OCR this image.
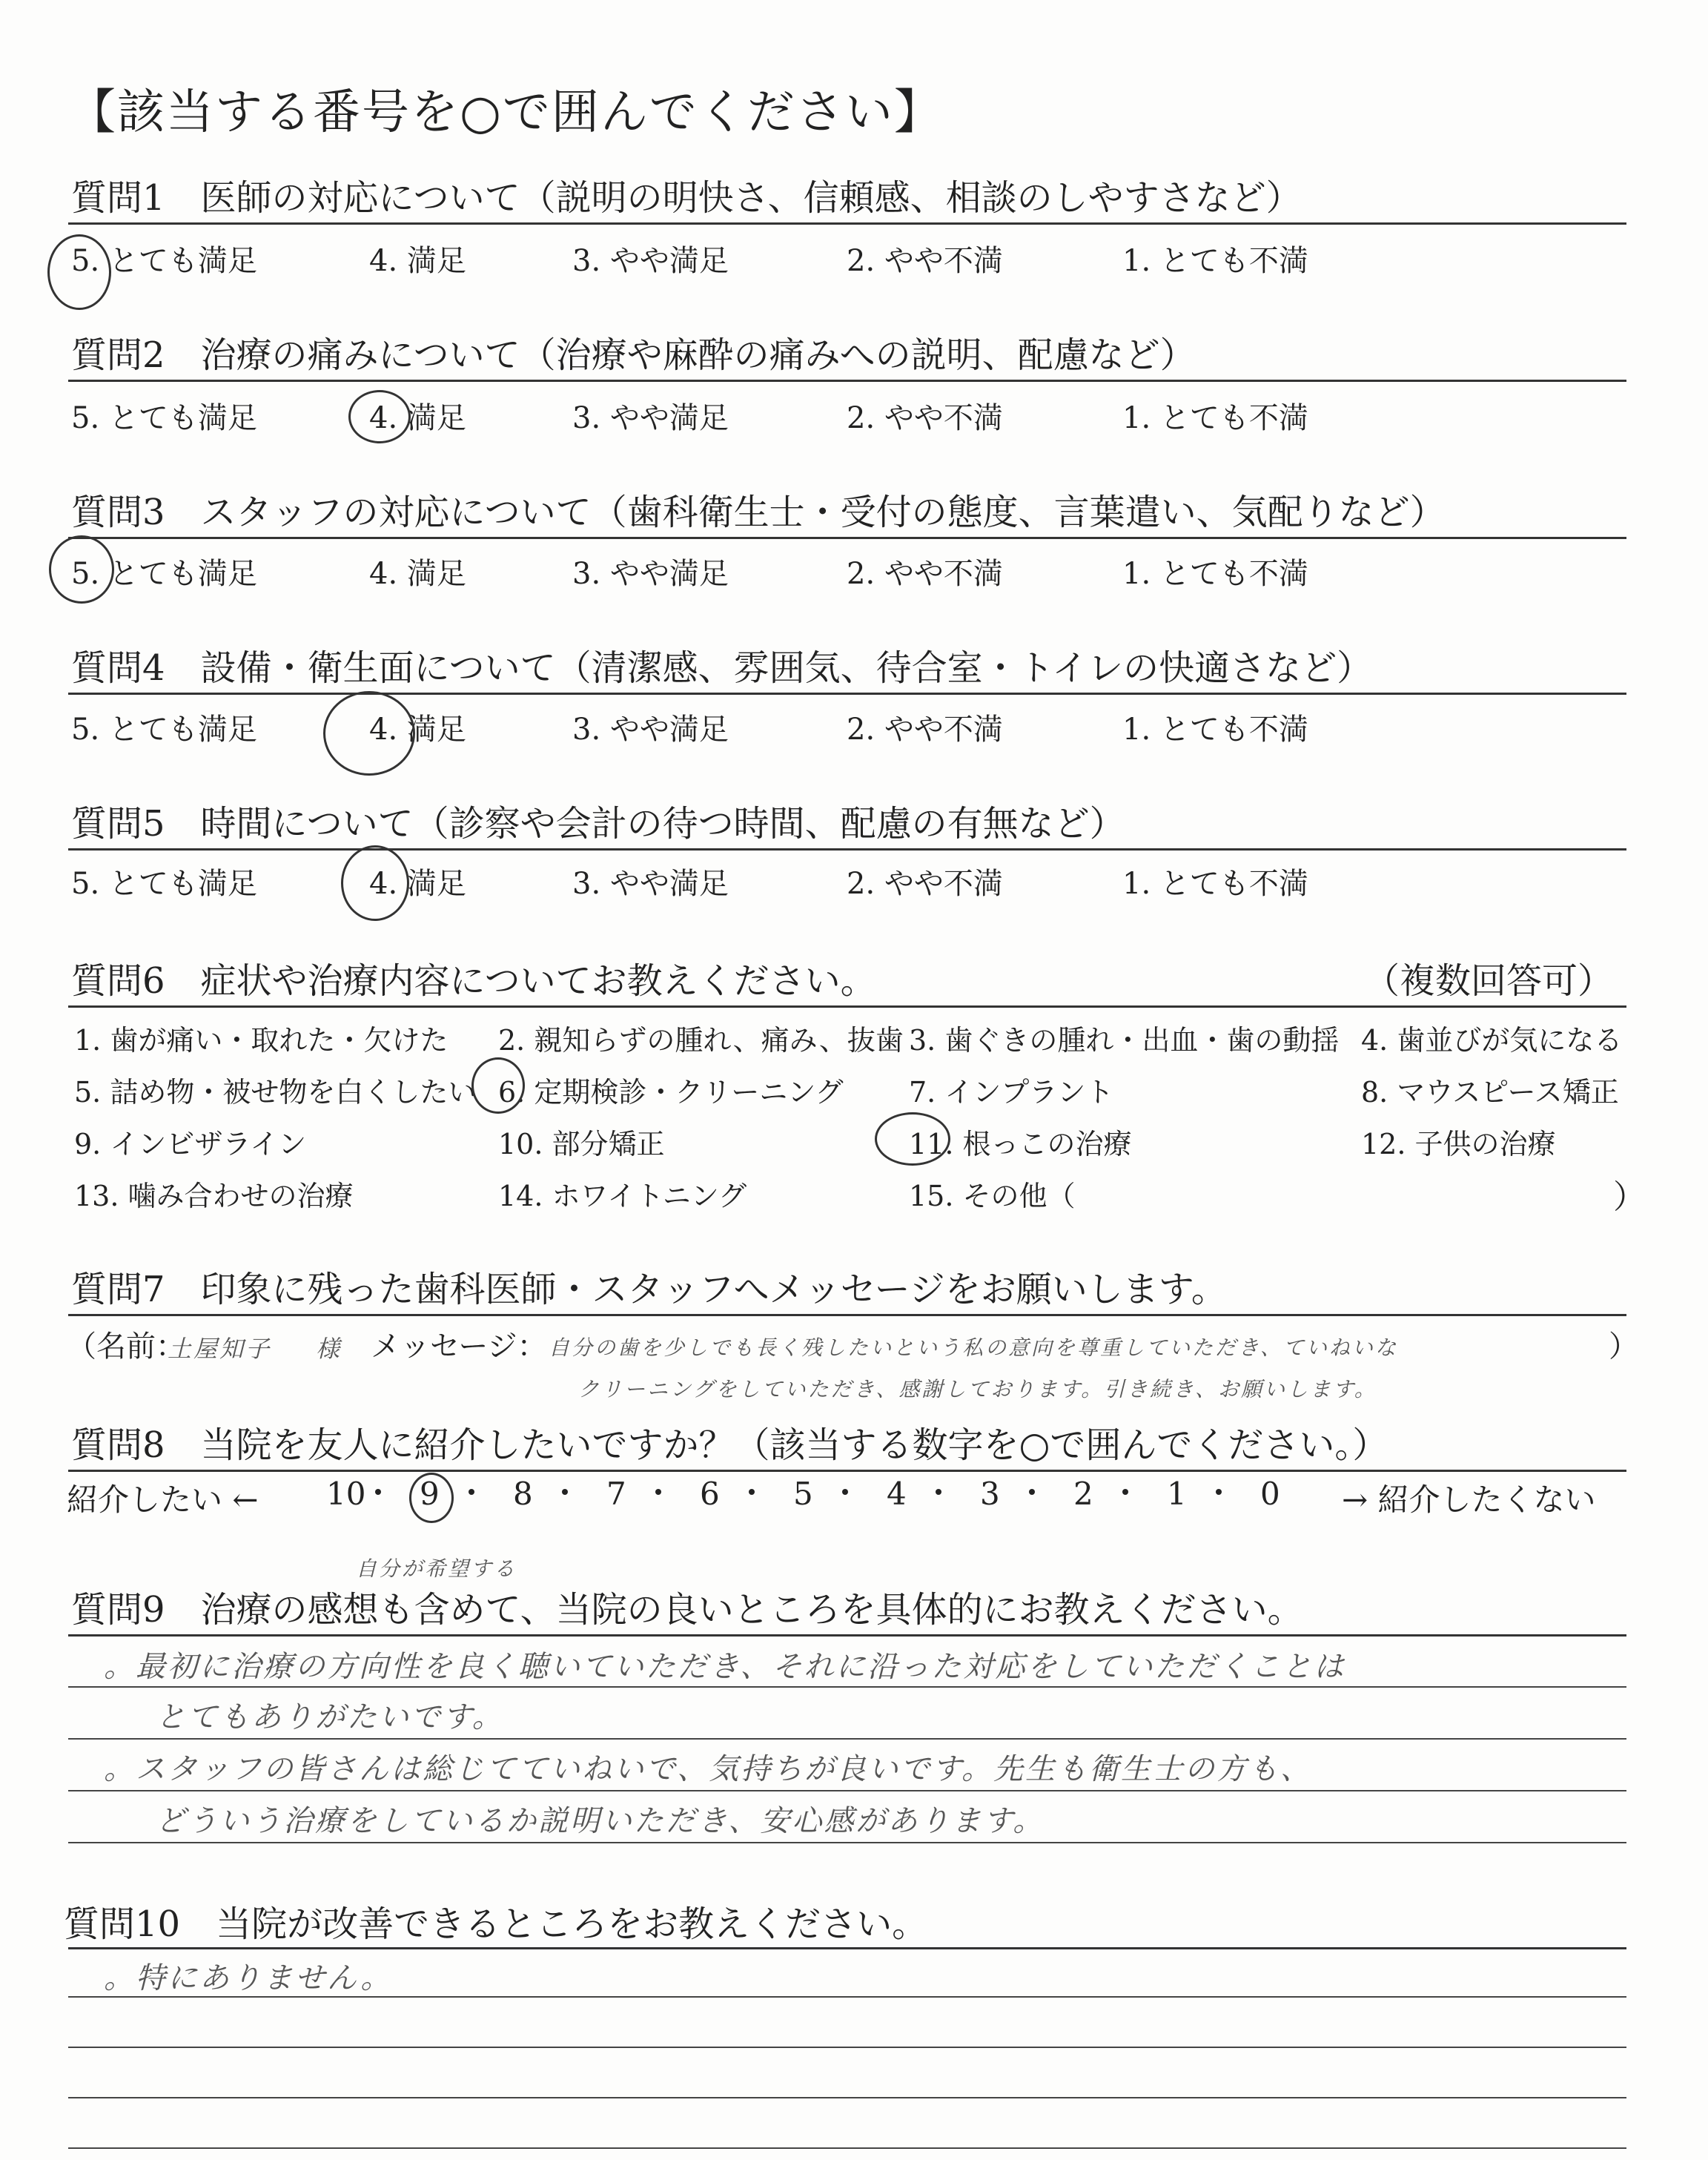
【該当する番号を○で囲んでください】
質問1　医師の対応について（説明の明快さ、信頼感、相談のしやすさなど）
5. とても満足	4. 満足	3. やや満足	2. やや不満	1. とても不満
質問2　治療の痛みについて（治療や麻酔の痛みへの説明、配慮など）
5. とても満足	4. 満足	3. やや満足	2. やや不満	1. とても不満
質問3　スタッフの対応について（歯科衛生士・受付の態度、言葉遣い、気配りなど）
5. とても満足	4. 満足	3. やや満足	2. やや不満	1. とても不満
質問4　設備・衛生面について（清潔感、雰囲気、待合室・トイレの快適さなど）
5. とても満足	4. 満足	3. やや満足	2. やや不満	1. とても不満
質問5　時間について（診察や会計の待つ時間、配慮の有無など）
5. とても満足	4. 満足	3. やや満足	2. やや不満	1. とても不満
質問6　症状や治療内容についてお教えください。	（複数回答可）
1. 歯が痛い・取れた・欠けた 2. 親知らずの腫れ、痛み、抜歯 3. 歯ぐきの腫れ・出血・歯の動揺 4. 歯並びが気になる
5. 詰め物・被せ物を白くしたい 6. 定期検診・クリーニング 7. インプラント	8. マウスピース矯正
9. インビザライン	10. 部分矯正	11. 根っこの治療	12. 子供の治療
13. 噛み合わせの治療	14. ホワイトニング	15. その他（	）
質問7　印象に残った歯科医師・スタッフへメッセージをお願いします。
（名前：
土屋知子 様 メッセージ： 自分の歯を少しでも長く残したいという私の意向を尊重していただき、ていねいな
クリーニングをしていただき、感謝しております。引き続き、お願いします。
）
質問8　当院を友人に紹介したいですか？（該当する数字を○で囲んでください。）
紹介したい ←	→ 紹介したくない
10 9 8 7 6 5 4 3 2 1 0
自分が希望する
質問9　治療の感想も含めて、当院の良いところを具体的にお教えください。
。最初に治療の方向性を良く聴いていただき、それに沿った対応をしていただくことは
とてもありがたいです。
。スタッフの皆さんは総じてていねいで、気持ちが良いです。先生も衛生士の方も、
どういう治療をしているか説明いただき、安心感があります。
質問10　当院が改善できるところをお教えください。
。特にありません。
